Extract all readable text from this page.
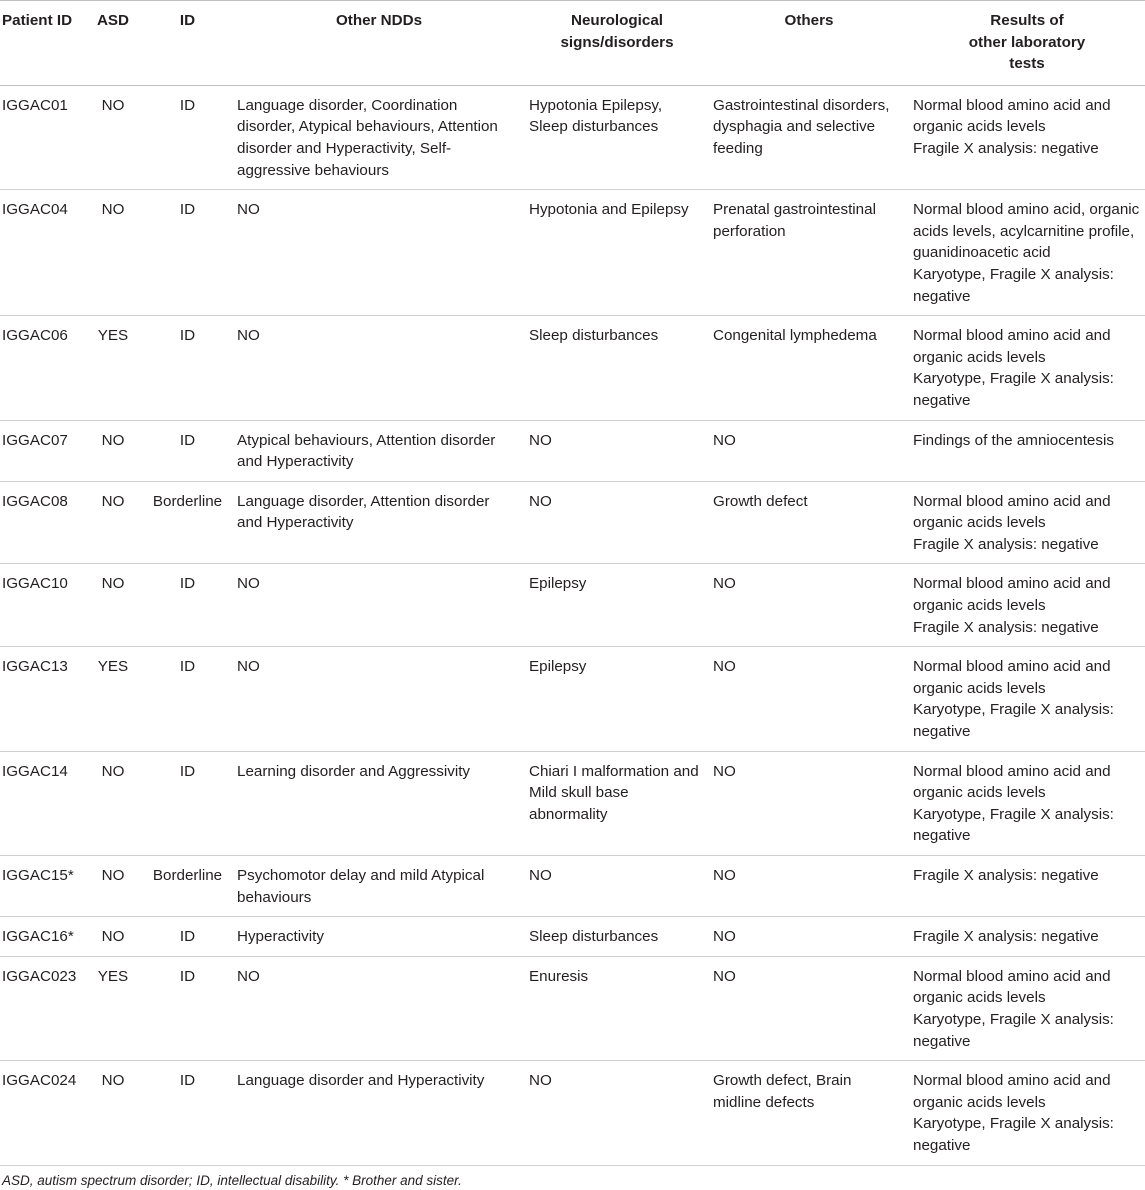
Patient ID	ASD	ID	Other NDDs	Neurological
signs/disorders	Others	Results of
other laboratory
tests

IGGAC01	NO	ID	Language disorder, Coordination
disorder, Atypical behaviours, Attention
disorder and Hyperactivity, Self-
aggressive behaviours	Hypotonia Epilepsy,
Sleep disturbances	Gastrointestinal disorders,
dysphagia and selective
feeding	Normal blood amino acid and
organic acids levels
Fragile X analysis: negative

IGGAC04	NO	ID	NO	Hypotonia and Epilepsy	Prenatal gastrointestinal
perforation	Normal blood amino acid, organic
acids levels, acylcarnitine profile,
guanidinoacetic acid
Karyotype, Fragile X analysis:
negative

IGGAC06	YES	ID	NO	Sleep disturbances	Congenital lymphedema	Normal blood amino acid and
organic acids levels
Karyotype, Fragile X analysis:
negative

IGGAC07	NO	ID	Atypical behaviours, Attention disorder
and Hyperactivity	NO	NO	Findings of the amniocentesis

IGGAC08	NO	Borderline	Language disorder, Attention disorder
and Hyperactivity	NO	Growth defect	Normal blood amino acid and
organic acids levels
Fragile X analysis: negative

IGGAC10	NO	ID	NO	Epilepsy	NO	Normal blood amino acid and
organic acids levels
Fragile X analysis: negative

IGGAC13	YES	ID	NO	Epilepsy	NO	Normal blood amino acid and
organic acids levels
Karyotype, Fragile X analysis:
negative

IGGAC14	NO	ID	Learning disorder and Aggressivity	Chiari I malformation and
Mild skull base
abnormality	NO	Normal blood amino acid and
organic acids levels
Karyotype, Fragile X analysis:
negative

IGGAC15*	NO	Borderline	Psychomotor delay and mild Atypical
behaviours	NO	NO	Fragile X analysis: negative

IGGAC16*	NO	ID	Hyperactivity	Sleep disturbances	NO	Fragile X analysis: negative

IGGAC023	YES	ID	NO	Enuresis	NO	Normal blood amino acid and
organic acids levels
Karyotype, Fragile X analysis:
negative

IGGAC024	NO	ID	Language disorder and Hyperactivity	NO	Growth defect, Brain
midline defects	Normal blood amino acid and
organic acids levels
Karyotype, Fragile X analysis:
negative
ASD, autism spectrum disorder; ID, intellectual disability. * Brother and sister.
